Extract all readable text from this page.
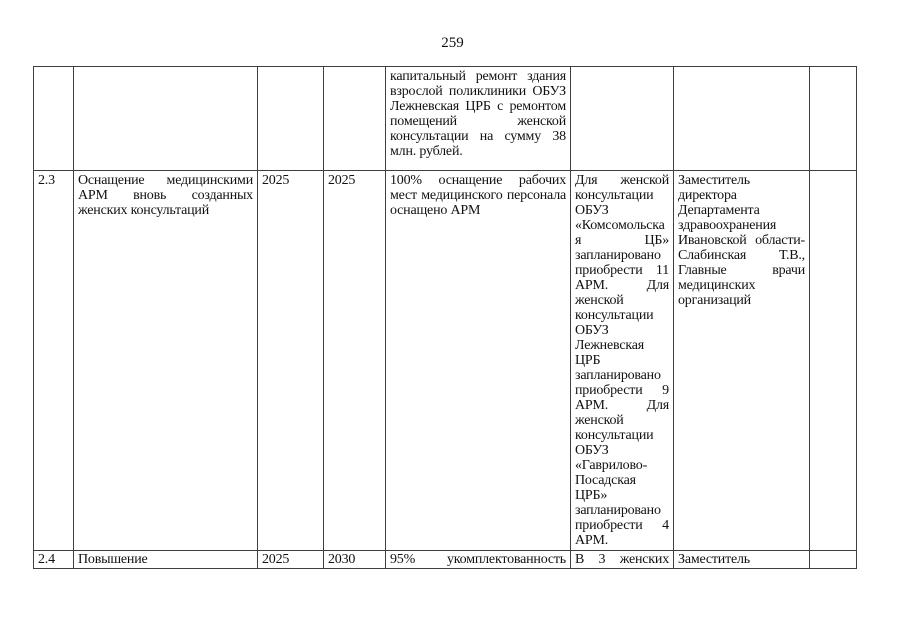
259
				капитальный ремонт здания взрослой поликлиники ОБУЗ Лежневская ЦРБ с ремонтом помещений женской консультации на сумму 38 млн. рублей.			
2.3	Оснащение медицинскими АРМ вновь созданных женских консультаций	2025	2025	100% оснащение рабочих мест медицинского персонала оснащено АРМ	Для женской консультации ОБУЗ «Комсомольская ЦБ» запланировано приобрести 11 АРМ. Для женской консультации ОБУЗ Лежневская ЦРБ запланировано приобрести 9 АРМ. Для женской консультации ОБУЗ «Гаврилово- Посадская ЦРБ» запланировано приобрести 4 АРМ.	Заместитель директора Департамента здравоохранения Ивановской области- Слабинская Т.В., Главные врачи медицинских организаций	
2.4	Повышение	2025	2030	95% укомплектованность	В 3 женских	Заместитель	
